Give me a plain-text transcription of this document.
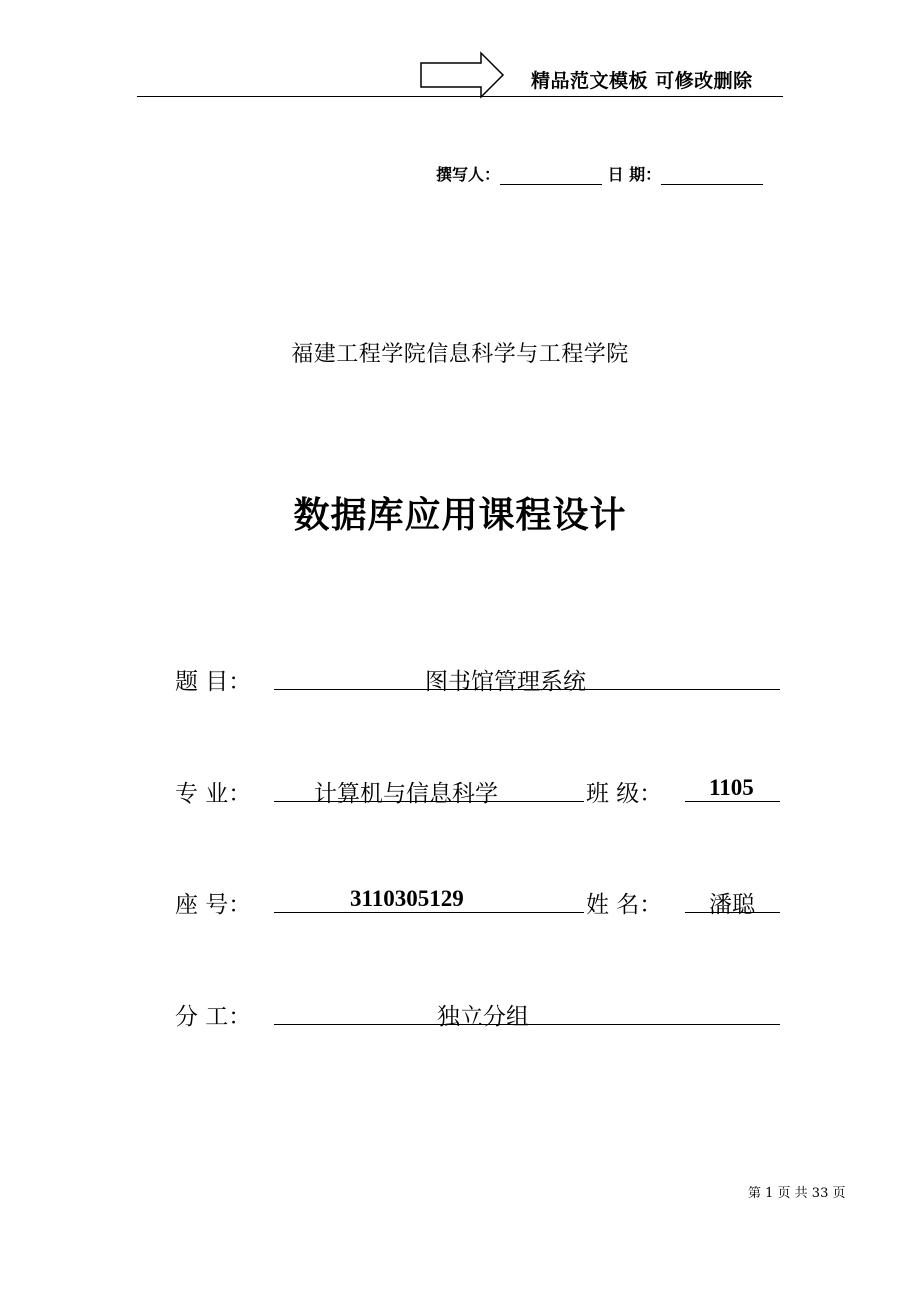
精品范文模板 可修改删除
撰写人：	日 期：
福建工程学院信息科学与工程学院
数据库应用课程设计
题 目：	图书馆管理系统
专 业：	计算机与信息科学	班 级： 1105
座 号：	3110305129	姓 名： 潘聪
分 工：	独立分组
第 1 页 共 33 页
